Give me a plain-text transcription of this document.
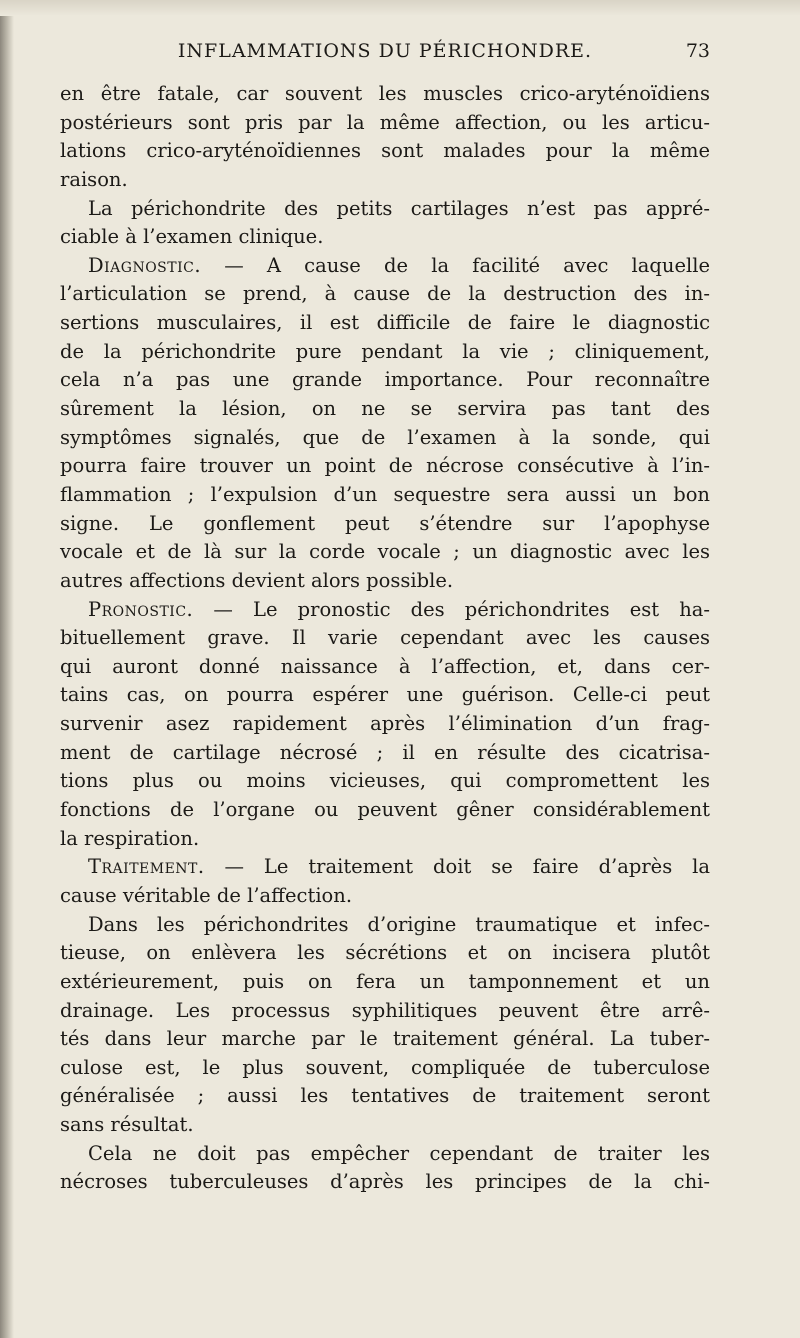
INFLAMMATIONS DU PÉRICHONDRE.	73
en être fatale, car souvent les muscles crico-aryténoïdiens
postérieurs sont pris par la même affection, ou les articu-
lations crico-aryténoïdiennes sont malades pour la même
raison.
La périchondrite des petits cartilages n’est pas appré-
ciable à l’examen clinique.
Diagnostic. — A cause de la facilité avec laquelle
l’articulation se prend, à cause de la destruction des in-
sertions musculaires, il est difficile de faire le diagnostic
de la périchondrite pure pendant la vie ; cliniquement,
cela n’a pas une grande importance. Pour reconnaître
sûrement la lésion, on ne se servira pas tant des
symptômes signalés, que de l’examen à la sonde, qui
pourra faire trouver un point de nécrose consécutive à l’in-
flammation ; l’expulsion d’un sequestre sera aussi un bon
signe. Le gonflement peut s’étendre sur l’apophyse
vocale et de là sur la corde vocale ; un diagnostic avec les
autres affections devient alors possible.
Pronostic. — Le pronostic des périchondrites est ha-
bituellement grave. Il varie cependant avec les causes
qui auront donné naissance à l’affection, et, dans cer-
tains cas, on pourra espérer une guérison. Celle-ci peut
survenir asez rapidement après l’élimination d’un frag-
ment de cartilage nécrosé ; il en résulte des cicatrisa-
tions plus ou moins vicieuses, qui compromettent les
fonctions de l’organe ou peuvent gêner considérablement
la respiration.
Traitement. — Le traitement doit se faire d’après la
cause véritable de l’affection.
Dans les périchondrites d’origine traumatique et infec-
tieuse, on enlèvera les sécrétions et on incisera plutôt
extérieurement, puis on fera un tamponnement et un
drainage. Les processus syphilitiques peuvent être arrê-
tés dans leur marche par le traitement général. La tuber-
culose est, le plus souvent, compliquée de tuberculose
généralisée ; aussi les tentatives de traitement seront
sans résultat.
Cela ne doit pas empêcher cependant de traiter les
nécroses tuberculeuses d’après les principes de la chi-
